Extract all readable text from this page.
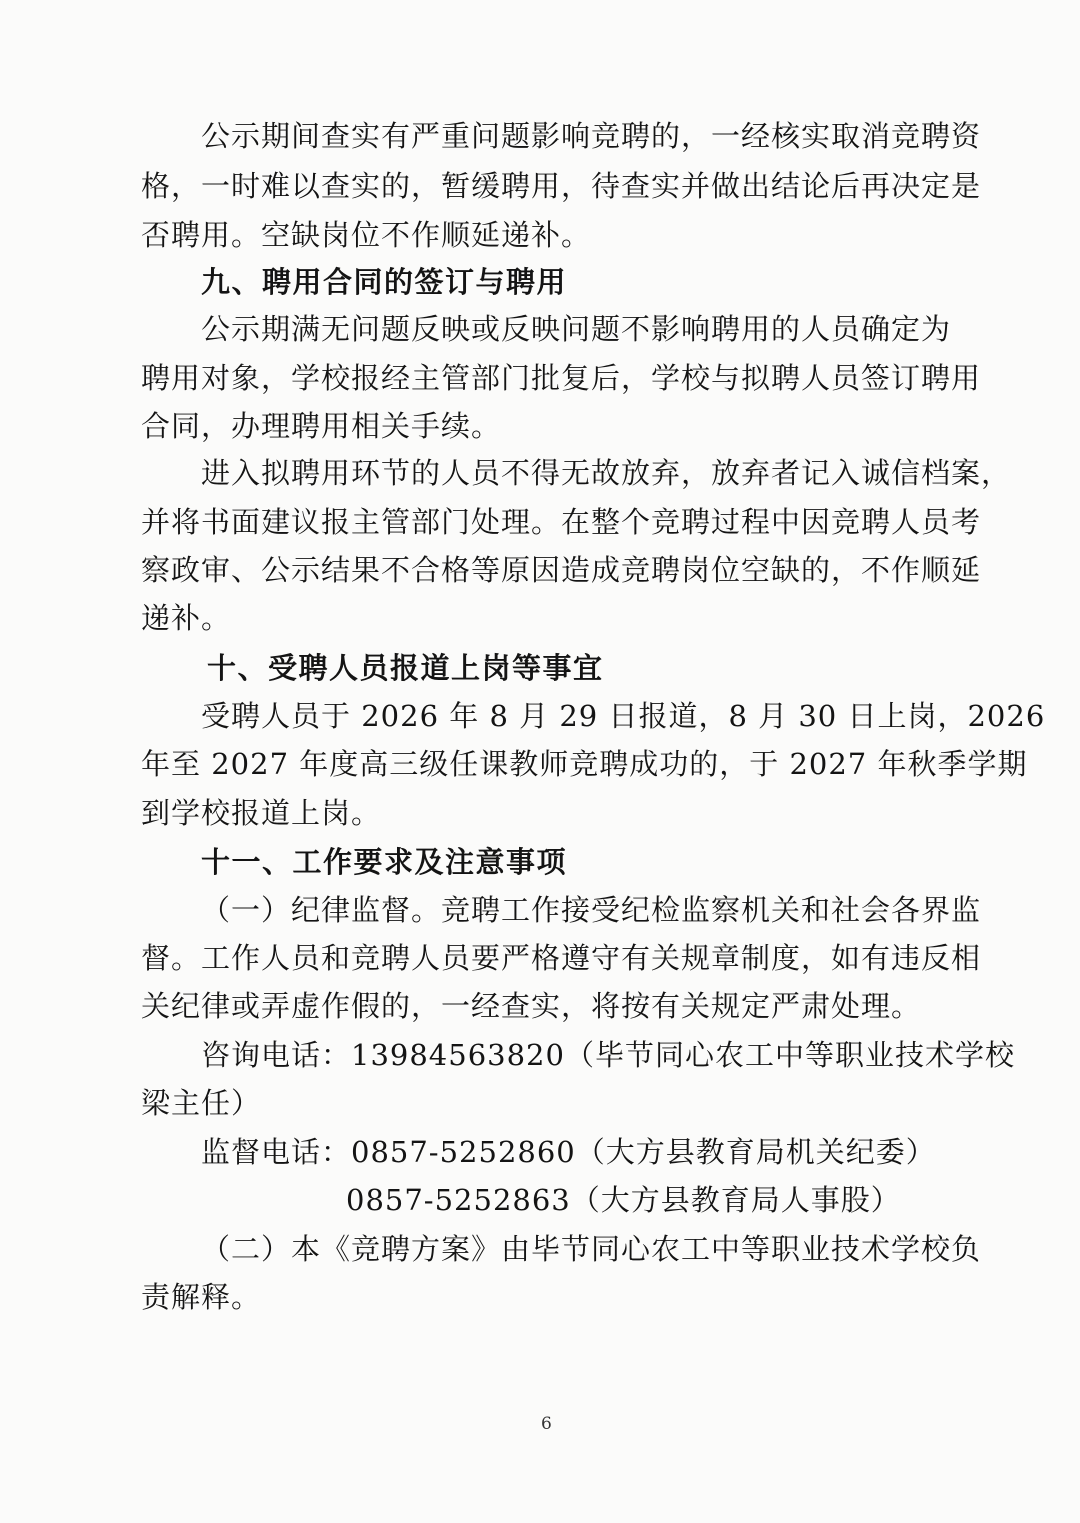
公示期间查实有严重问题影响竞聘的，一经核实取消竞聘资
格，一时难以查实的，暂缓聘用，待查实并做出结论后再决定是
否聘用。空缺岗位不作顺延递补。
九、聘用合同的签订与聘用
公示期满无问题反映或反映问题不影响聘用的人员确定为
聘用对象，学校报经主管部门批复后，学校与拟聘人员签订聘用
合同，办理聘用相关手续。
进入拟聘用环节的人员不得无故放弃，放弃者记入诚信档案，
并将书面建议报主管部门处理。在整个竞聘过程中因竞聘人员考
察政审、公示结果不合格等原因造成竞聘岗位空缺的，不作顺延
递补。
十、受聘人员报道上岗等事宜
受聘人员于 2026 年 8 月 29 日报道，8 月 30 日上岗，2026
年至 2027 年度高三级任课教师竞聘成功的，于 2027 年秋季学期
到学校报道上岗。
十一、工作要求及注意事项
（一）纪律监督。竞聘工作接受纪检监察机关和社会各界监
督。工作人员和竞聘人员要严格遵守有关规章制度，如有违反相
关纪律或弄虚作假的，一经查实，将按有关规定严肃处理。
咨询电话：13984563820（毕节同心农工中等职业技术学校
梁主任）
监督电话：0857-5252860（大方县教育局机关纪委）
0857-5252863（大方县教育局人事股）
（二）本《竞聘方案》由毕节同心农工中等职业技术学校负
责解释。
6
